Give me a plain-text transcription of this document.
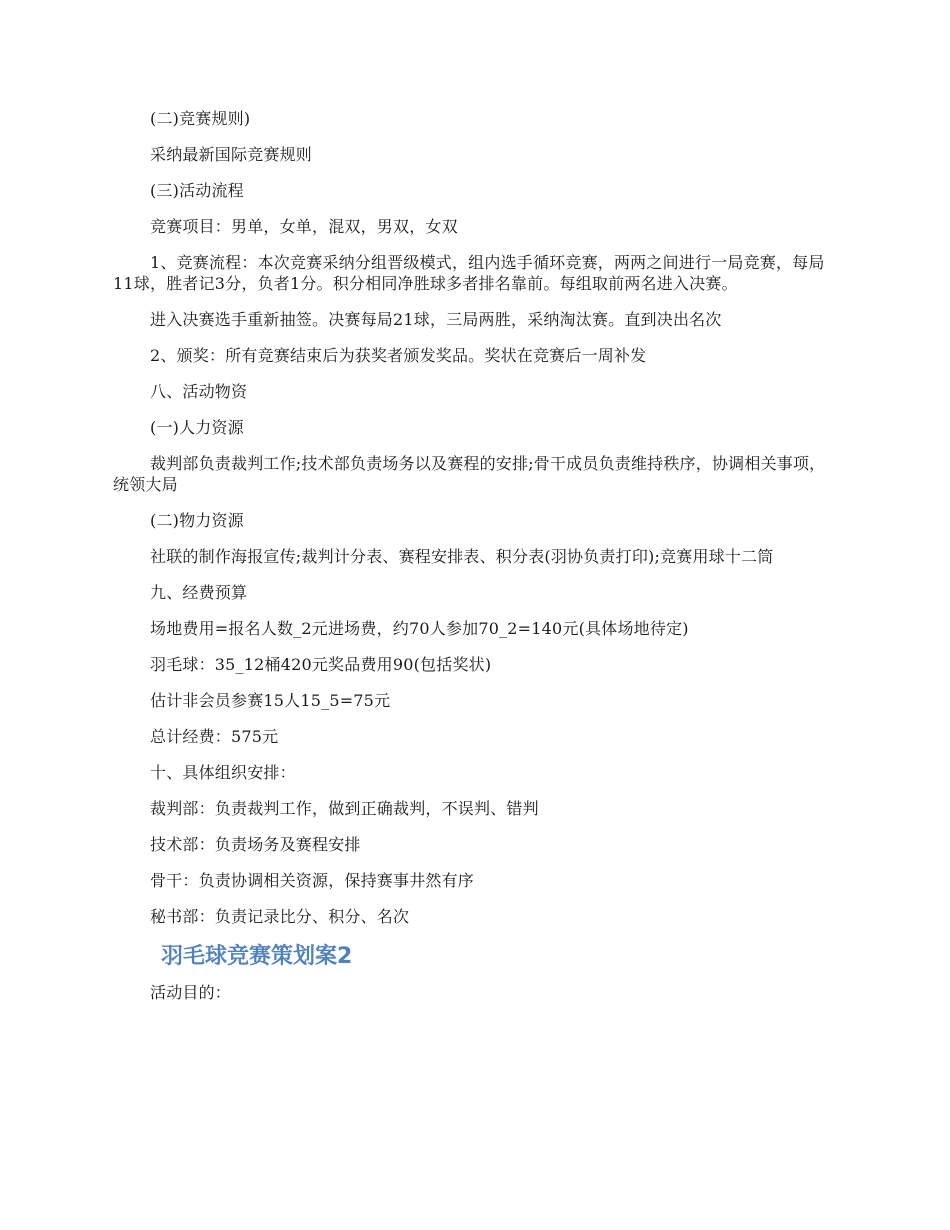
(二)竞赛规则)

采纳最新国际竞赛规则

(三)活动流程

竞赛项目：男单，女单，混双，男双，女双

1、竞赛流程：本次竞赛采纳分组晋级模式，组内选手循环竞赛，两两之间进行一局竞赛，每局11球，胜者记3分，负者1分。积分相同净胜球多者排名靠前。每组取前两名进入决赛。

进入决赛选手重新抽签。决赛每局21球，三局两胜，采纳淘汰赛。直到决出名次

2、颁奖：所有竞赛结束后为获奖者颁发奖品。奖状在竞赛后一周补发

八、活动物资

(一)人力资源

裁判部负责裁判工作;技术部负责场务以及赛程的安排;骨干成员负责维持秩序，协调相关事项，统领大局

(二)物力资源

社联的制作海报宣传;裁判计分表、赛程安排表、积分表(羽协负责打印);竞赛用球十二筒

九、经费预算

场地费用=报名人数_2元进场费，约70人参加70_2=140元(具体场地待定)

羽毛球：35_12桶420元奖品费用90(包括奖状)

估计非会员参赛15人15_5=75元

总计经费：575元

十、具体组织安排：

裁判部：负责裁判工作，做到正确裁判，不误判、错判

技术部：负责场务及赛程安排

骨干：负责协调相关资源，保持赛事井然有序

秘书部：负责记录比分、积分、名次

羽毛球竞赛策划案2

活动目的：
